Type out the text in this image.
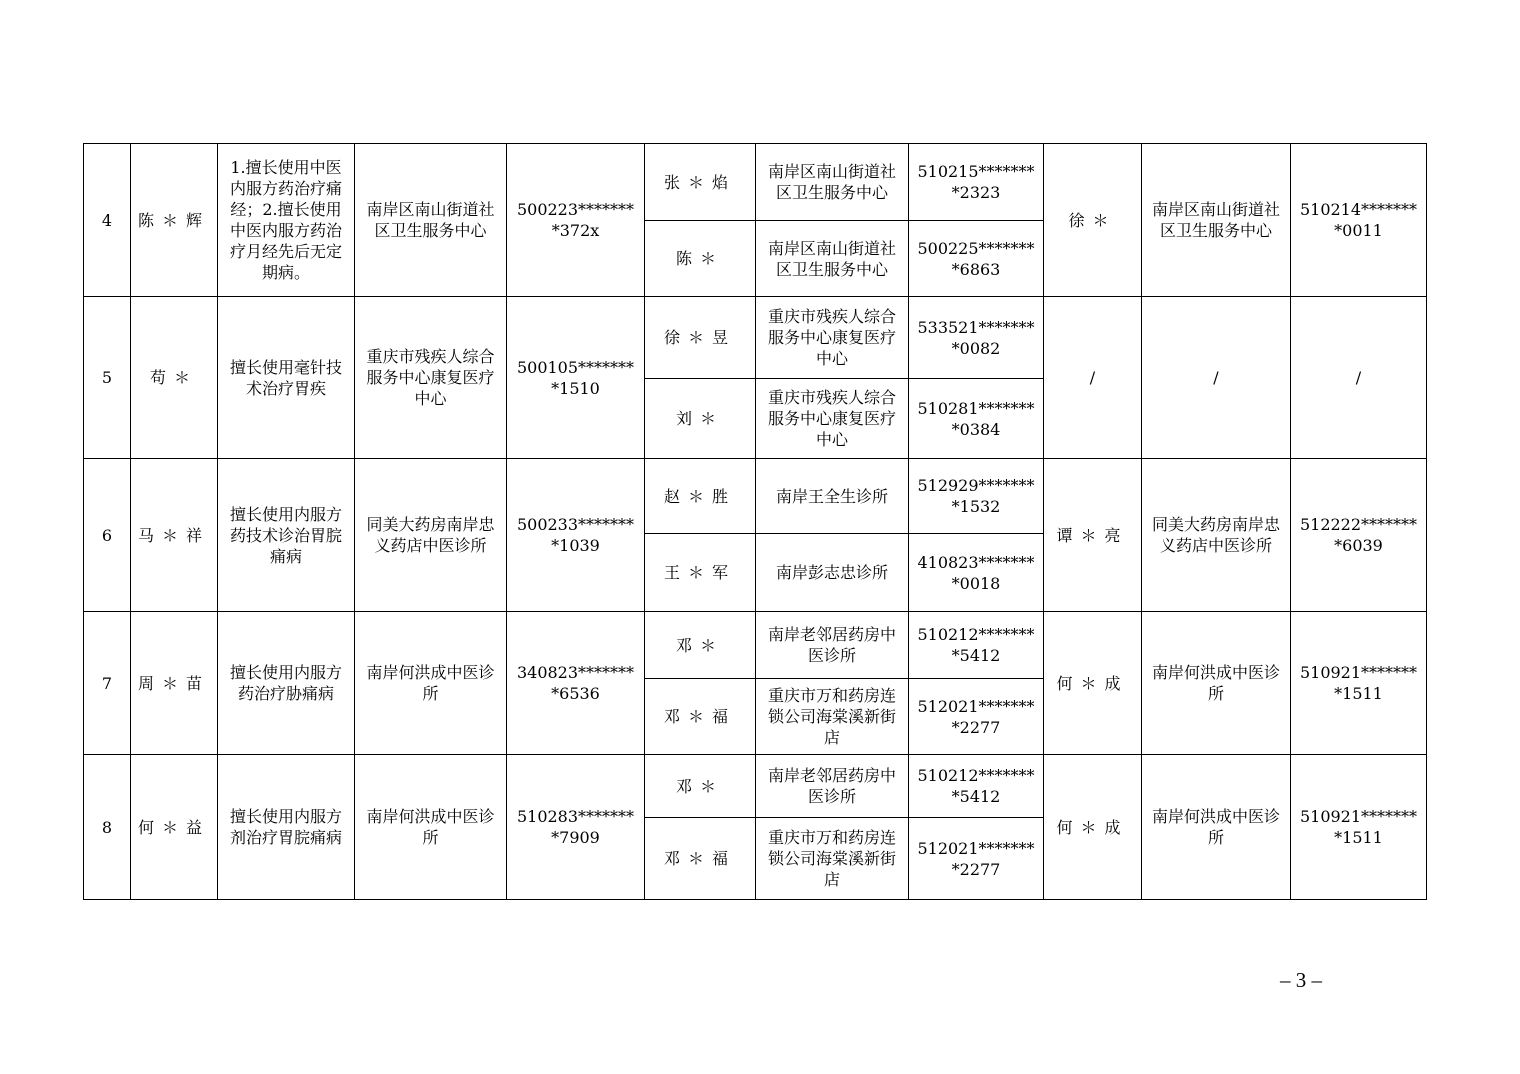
4	陈＊辉	1.擅长使用中医内服方药治疗痛经；2.擅长使用中医内服方药治疗月经先后无定期病。	南岸区南山街道社区卫生服务中心	500223********372x	张＊焰	南岸区南山街道社区卫生服务中心	510215********2323	徐＊	南岸区南山街道社区卫生服务中心	510214********0011
					陈＊	南岸区南山街道社区卫生服务中心	500225********6863			
5	苟＊	擅长使用毫针技术治疗胃疾	重庆市残疾人综合服务中心康复医疗中心	500105********1510	徐＊昱	重庆市残疾人综合服务中心康复医疗中心	533521********0082	/	/	/
					刘＊	重庆市残疾人综合服务中心康复医疗中心	510281********0384			
6	马＊祥	擅长使用内服方药技术诊治胃脘痛病	同美大药房南岸忠义药店中医诊所	500233********1039	赵＊胜	南岸王全生诊所	512929********1532	谭＊亮	同美大药房南岸忠义药店中医诊所	512222********6039
					王＊军	南岸彭志忠诊所	410823********0018			
7	周＊苗	擅长使用内服方药治疗胁痛病	南岸何洪成中医诊所	340823********6536	邓＊	南岸老邻居药房中医诊所	510212********5412	何＊成	南岸何洪成中医诊所	510921********1511
					邓＊福	重庆市万和药房连锁公司海棠溪新街店	512021********2277			
8	何＊益	擅长使用内服方剂治疗胃脘痛病	南岸何洪成中医诊所	510283********7909	邓＊	南岸老邻居药房中医诊所	510212********5412	何＊成	南岸何洪成中医诊所	510921********1511
					邓＊福	重庆市万和药房连锁公司海棠溪新街店	512021********2277			
– 3 –
